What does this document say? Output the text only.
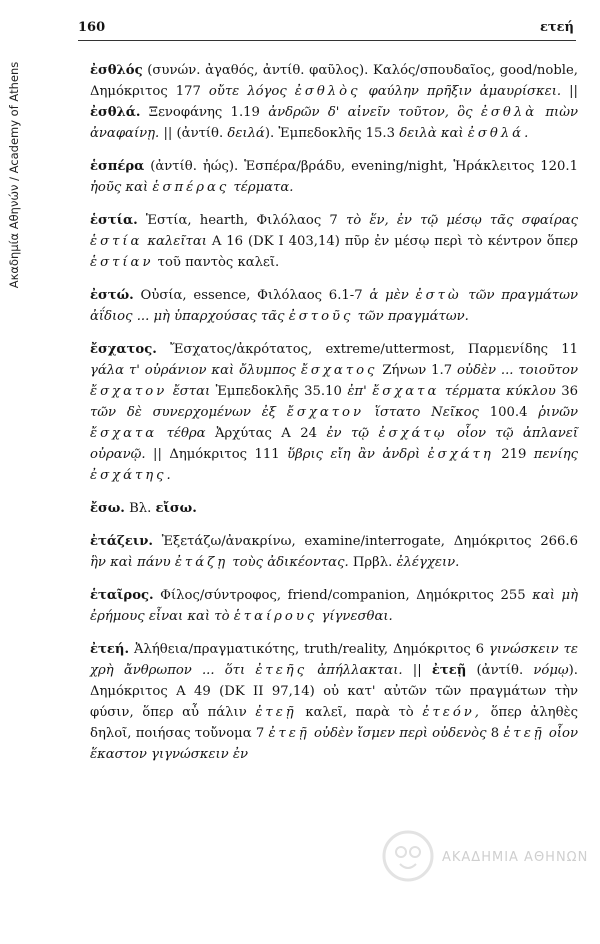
Ακαδημία Αθηνών / Academy of Athens
160	ετεή

ἐσθλός (συνών. ἀγαθός, ἀντίθ. φαῦλος). Καλός/σπουδαῖος, good/noble, Δημόκριτος 177 οὔτε λόγος ἐσθλὸς φαύλην πρῆξιν ἀμαυρίσκει. || ἐσθλά. Ξενοφάνης 1.19 ἀνδρῶν δ' αἰνεῖν τοῦτον, ὃς ἐσθλὰ πιὼν ἀναφαίνῃ. || (ἀντίθ. δειλά). Ἐμπεδοκλῆς 15.3 δειλὰ καὶ ἐσθλά.

ἑσπέρα (ἀντίθ. ἠώς). Ἑσπέρα/βράδυ, evening/night, Ἡράκλειτος 120.1 ἠοῦς καὶ ἑσπέρας τέρματα.

ἑστία. Ἑστία, hearth, Φιλόλαος 7 τὸ ἕν, ἐν τῷ μέσῳ τᾶς σφαίρας ἑστία καλεῖται Α 16 (DK I 403,14) πῦρ ἐν μέσῳ περὶ τὸ κέντρον ὅπερ ἑστίαν τοῦ παντὸς καλεῖ.

ἐστώ. Οὐσία, essence, Φιλόλαος 6.1-7 ἁ μὲν ἐστὼ τῶν πραγμάτων ἀΐδιος ... μὴ ὑπαρχούσας τᾶς ἐστοῦς τῶν πραγμάτων.

ἔσχατος. Ἔσχατος/ἀκρότατος, extreme/uttermost, Παρμενίδης 11 γάλα τ' οὐράνιον καὶ ὄλυμπος ἔσχατος Ζήνων 1.7 οὐδὲν ... τοιοῦτον ἔσχατον ἔσται Ἐμπεδοκλῆς 35.10 ἐπ' ἔσχατα τέρματα κύκλου 36 τῶν δὲ συνερχομένων ἐξ ἔσχατον ἵστατο Νεῖκος 100.4 ῥινῶν ἔσχατα τέθρα Ἀρχύτας Α 24 ἐν τῷ ἐσχάτῳ οἷον τῷ ἀπλανεῖ οὐρανῷ. || Δημόκριτος 111 ὕβρις εἴη ἂν ἀνδρὶ ἐσχάτη 219 πενίης ἐσχάτης.

ἔσω. Βλ. εἴσω.

ἐτάζειν. Ἐξετάζω/ἀνακρίνω, examine/interrogate, Δημόκριτος 266.6 ἣν καὶ πάνυ ἐτάζῃ τοὺς ἀδικέοντας. Πρβλ. ἐλέγχειν.

ἑταῖρος. Φίλος/σύντροφος, friend/companion, Δημόκριτος 255 καὶ μὴ ἐρήμους εἶναι καὶ τὸ ἑταίρους γίγνεσθαι.

ἐτεή. Ἀλήθεια/πραγματικότης, truth/reality, Δημόκριτος 6 γινώσκειν τε χρὴ ἄνθρωπον ... ὅτι ἐτεῆς ἀπήλλακται. || ἐτεῇ (ἀντίθ. νόμῳ). Δημόκριτος Α 49 (DK II 97,14) οὐ κατ' αὐτῶν τῶν πραγμάτων τὴν φύσιν, ὅπερ αὖ πάλιν ἐτεῇ καλεῖ, παρὰ τὸ ἐτεόν, ὅπερ ἀληθὲς δηλοῖ, ποιήσας τοὔνομα 7 ἐτεῇ οὐδὲν ἴσμεν περὶ οὐδενὸς 8 ἐτεῇ οἷον ἕκαστον γιγνώσκειν ἐν

ΑΚΑΔΗΜΙΑ ΑΘΗΝΩΝ
